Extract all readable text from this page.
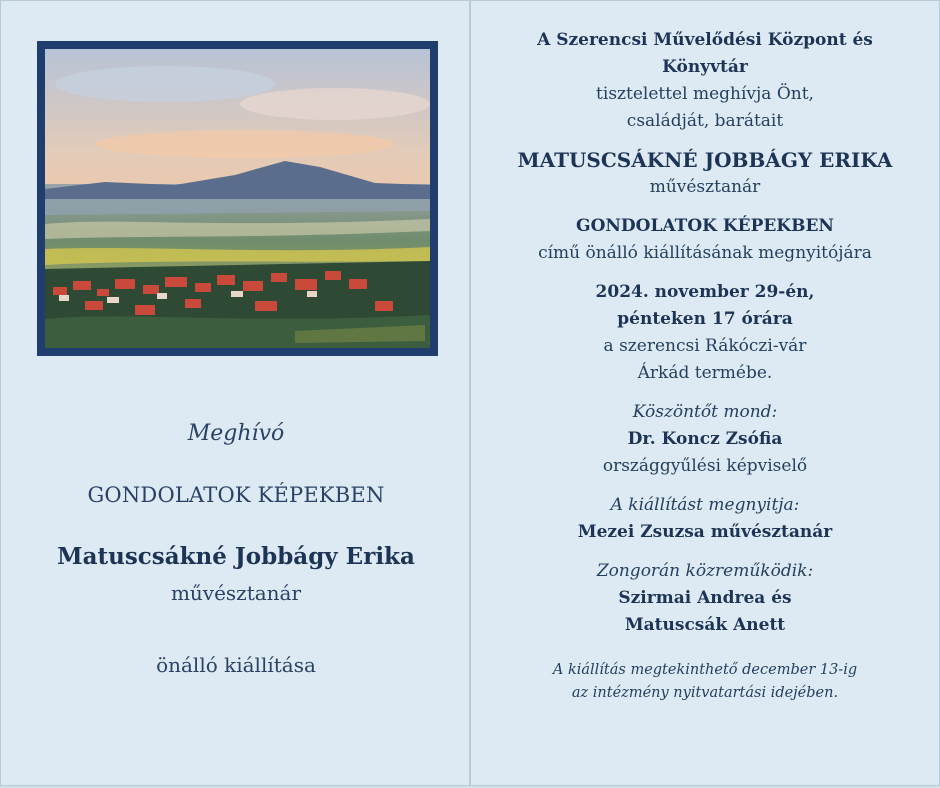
Meghívó
GONDOLATOK KÉPEKBEN
Matuscsákné Jobbágy Erika
művésztanár
önálló kiállítása
A Szerencsi Művelődési Központ és
Könyvtár
tisztelettel meghívja Önt,
családját, barátait
MATUSCSÁKNÉ JOBBÁGY ERIKA
művésztanár
GONDOLATOK KÉPEKBEN
című önálló kiállításának megnyitójára
2024. november 29-én,
pénteken 17 órára
a szerencsi Rákóczi-vár
Árkád termébe.
Köszöntőt mond:
Dr. Koncz Zsófia
országgyűlési képviselő
A kiállítást megnyitja:
Mezei Zsuzsa művésztanár
Zongorán közreműködik:
Szirmai Andrea és
Matuscsák Anett
A kiállítás megtekinthető december 13-ig
az intézmény nyitvatartási idejében.
